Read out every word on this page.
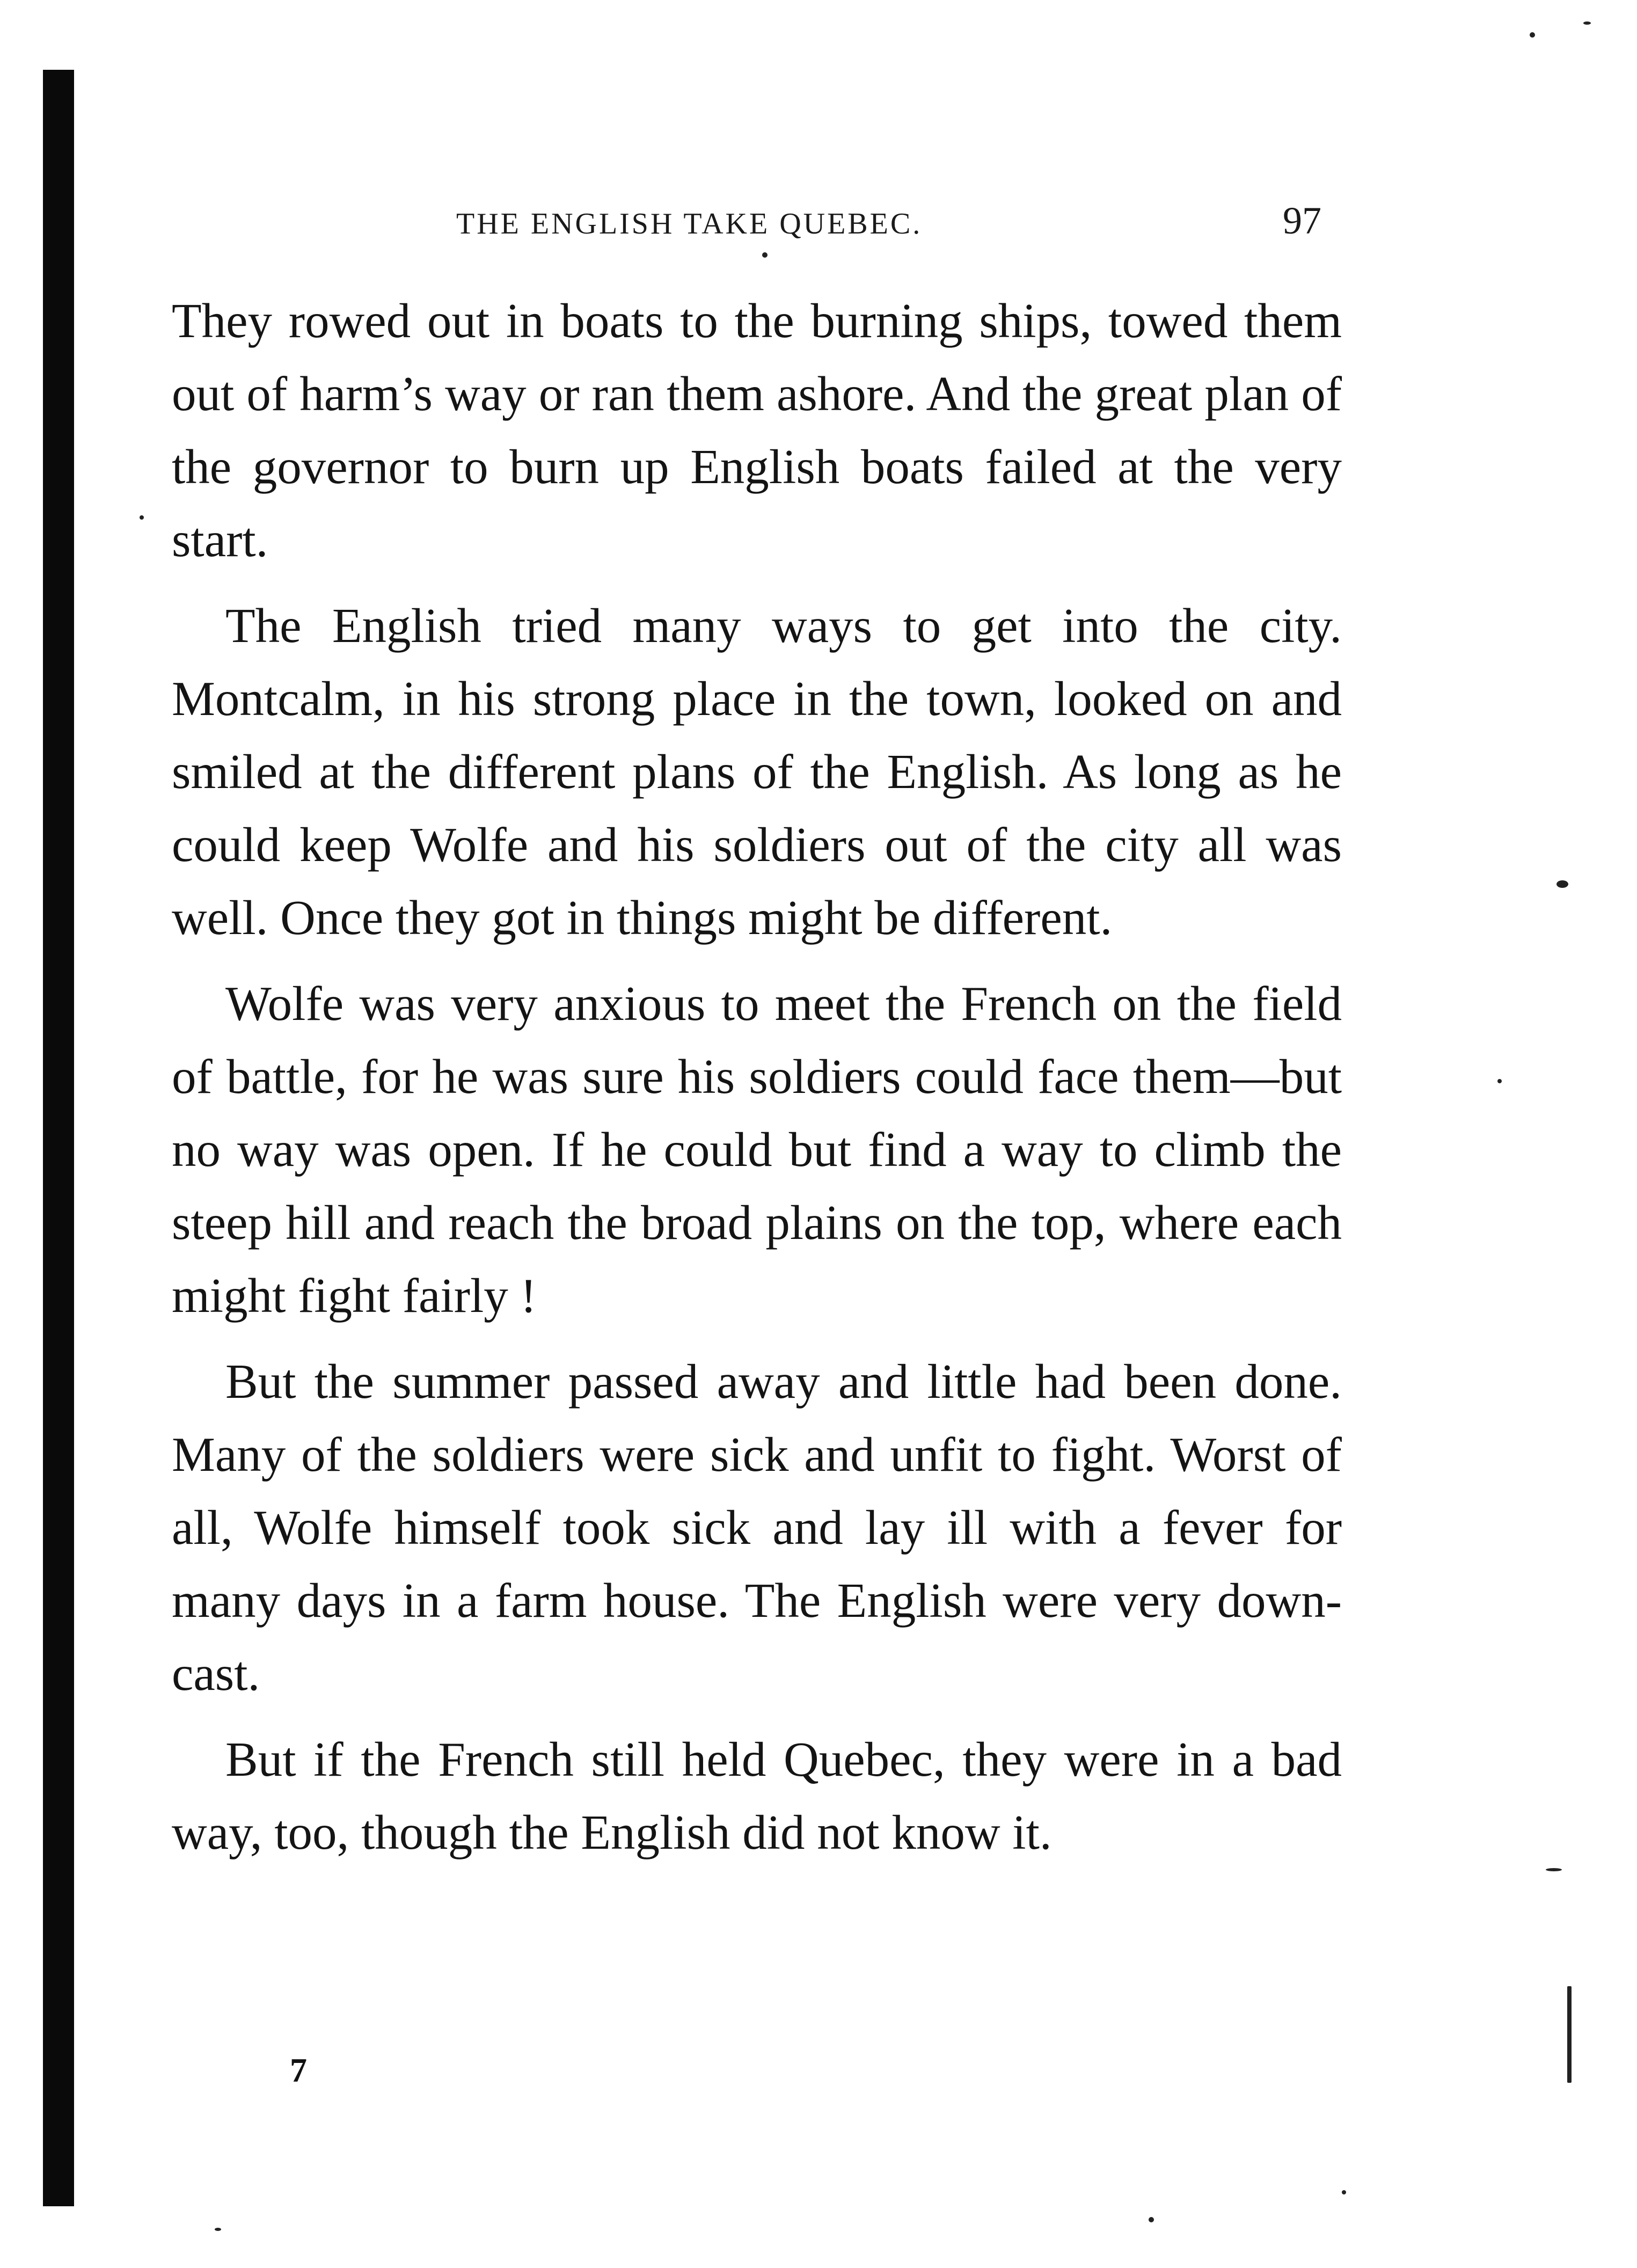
THE ENGLISH TAKE QUEBEC.	97

They rowed out in boats to the burning ships, towed them out of harm’s way or ran them ashore. And the great plan of the governor to burn up English boats failed at the very start.

The English tried many ways to get into the city. Montcalm, in his strong place in the town, looked on and smiled at the different plans of the English. As long as he could keep Wolfe and his soldiers out of the city all was well. Once they got in things might be different.

Wolfe was very anxious to meet the French on the field of battle, for he was sure his soldiers could face them—but no way was open. If he could but find a way to climb the steep hill and reach the broad plains on the top, where each might fight fairly !

But the summer passed away and little had been done. Many of the soldiers were sick and unfit to fight. Worst of all, Wolfe himself took sick and lay ill with a fever for many days in a farm house. The English were very down-cast.

But if the French still held Quebec, they were in a bad way, too, though the English did not know it.

7
